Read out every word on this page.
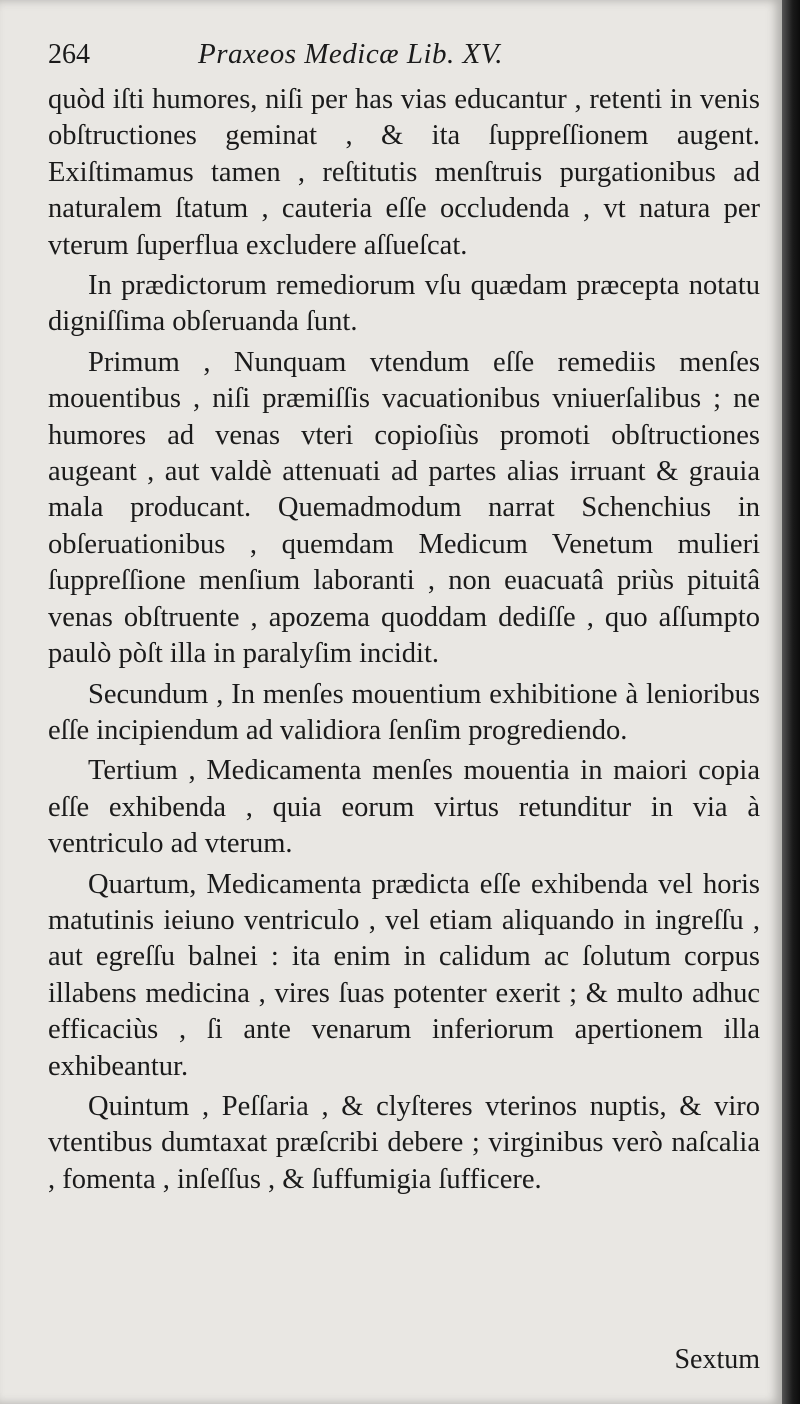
264	Praxeos Medicæ Lib. XV.

quòd iſti humores, niſi per has vias educantur , retenti in venis obſtructiones geminat , & ita ſuppreſſionem augent. Exiſtimamus tamen , reſtitutis menſtruis purgationibus ad naturalem ſtatum , cauteria eſſe occludenda , vt natura per vterum ſuperflua excludere aſſueſcat.

In prædictorum remediorum vſu quædam præcepta notatu digniſſima obſeruanda ſunt.

Primum , Nunquam vtendum eſſe remediis menſes mouentibus , niſi præmiſſis vacuationibus vniuerſalibus ; ne humores ad venas vteri copioſiùs promoti obſtructiones augeant , aut valdè attenuati ad partes alias irruant & grauia mala producant. Quemadmodum narrat Schenchius in obſeruationibus , quemdam Medicum Venetum mulieri ſuppreſſione menſium laboranti , non euacuatâ priùs pituitâ venas obſtruente , apozema quoddam dediſſe , quo aſſumpto paulò pòſt illa in paralyſim incidit.

Secundum , In menſes mouentium exhibitione à lenioribus eſſe incipiendum ad validiora ſenſim progrediendo.

Tertium , Medicamenta menſes mouentia in maiori copia eſſe exhibenda , quia eorum virtus retunditur in via à ventriculo ad vterum.

Quartum, Medicamenta prædicta eſſe exhibenda vel horis matutinis ieiuno ventriculo , vel etiam aliquando in ingreſſu , aut egreſſu balnei : ita enim in calidum ac ſolutum corpus illabens medicina , vires ſuas potenter exerit ; & multo adhuc efficaciùs , ſi ante venarum inferiorum apertionem illa exhibeantur.

Quintum , Peſſaria , & clyſteres vterinos nuptis, & viro vtentibus dumtaxat præſcribi debere ; virginibus verò naſcalia , fomenta , inſeſſus , & ſuffumigia ſufficere.

Sextum
